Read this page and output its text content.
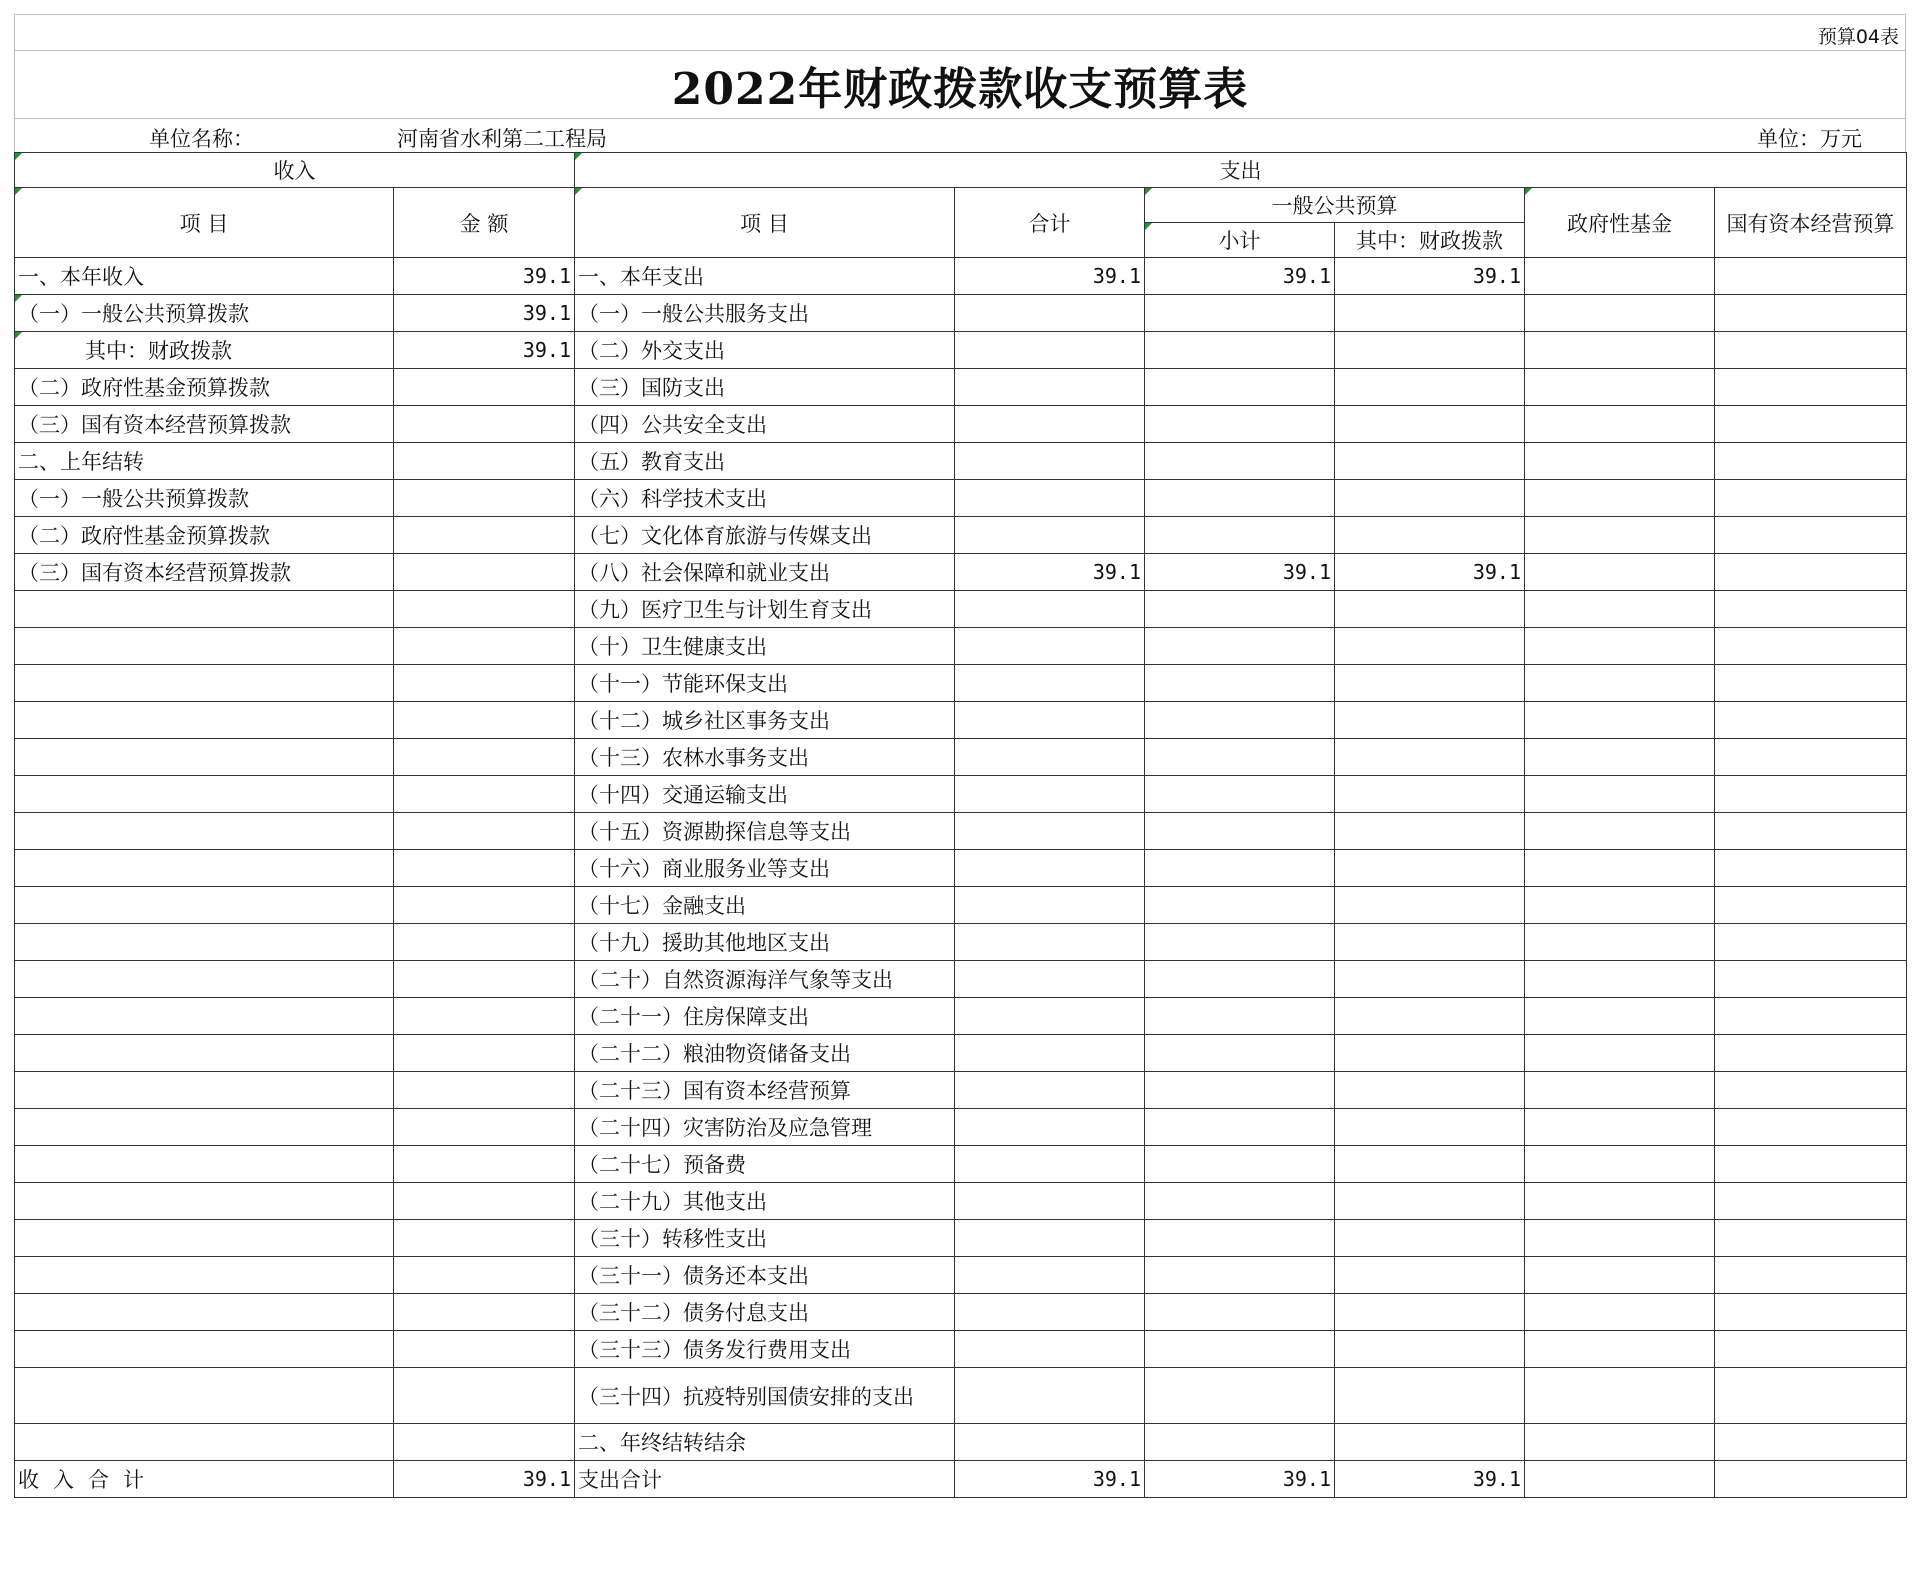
预算04表
2022年财政拨款收支预算表
单位名称：	河南省水利第二工程局	单位：万元
收入		支出					
项 目	金 额	项 目	合计	一般公共预算		政府性基金	国有资本经营预算
				小计	其中：财政拨款		
一、本年收入	39.1	一、本年支出	39.1	39.1	39.1		
（一）一般公共预算拨款	39.1	（一）一般公共服务支出					
其中：财政拨款	39.1	（二）外交支出					
（二）政府性基金预算拨款		（三）国防支出					
（三）国有资本经营预算拨款		（四）公共安全支出					
二、上年结转		（五）教育支出					
（一）一般公共预算拨款		（六）科学技术支出					
（二）政府性基金预算拨款		（七）文化体育旅游与传媒支出					
（三）国有资本经营预算拨款		（八）社会保障和就业支出	39.1	39.1	39.1		
		（九）医疗卫生与计划生育支出					
		（十）卫生健康支出					
		（十一）节能环保支出					
		（十二）城乡社区事务支出					
		（十三）农林水事务支出					
		（十四）交通运输支出					
		（十五）资源勘探信息等支出					
		（十六）商业服务业等支出					
		（十七）金融支出					
		（十九）援助其他地区支出					
		（二十）自然资源海洋气象等支出					
		（二十一）住房保障支出					
		（二十二）粮油物资储备支出					
		（二十三）国有资本经营预算					
		（二十四）灾害防治及应急管理					
		（二十七）预备费					
		（二十九）其他支出					
		（三十）转移性支出					
		（三十一）债务还本支出					
		（三十二）债务付息支出					
		（三十三）债务发行费用支出					
		（三十四）抗疫特别国债安排的支出					
		二、年终结转结余					
收入合计	39.1	支出合计	39.1	39.1	39.1		
